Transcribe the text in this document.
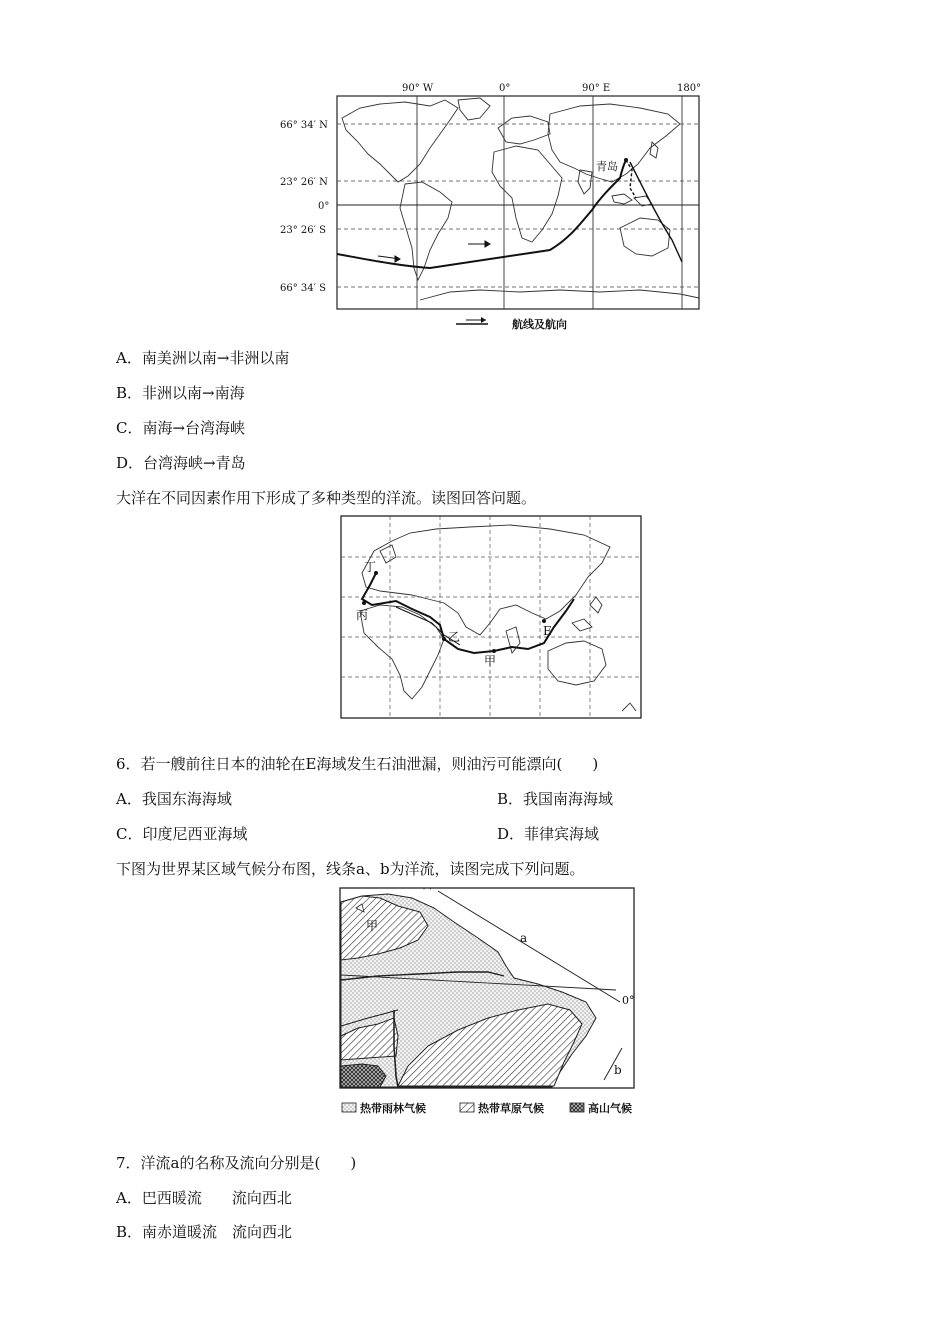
90° W	0°	90° E	180°
66° 34′ N
23° 26′ N
0°
23° 26′ S
66° 34′ S
青岛
航线及航向
A．南美洲以南→非洲以南
B．非洲以南→南海
C．南海→台湾海峡
D．台湾海峡→青岛
大洋在不同因素作用下形成了多种类型的洋流。读图回答问题。
丁
丙
乙
甲
E
6．若一艘前往日本的油轮在E海域发生石油泄漏，则油污可能漂向(　　)
A．我国东海海域	B．我国南海海域
C．印度尼西亚海域	D．菲律宾海域
下图为世界某区域气候分布图，线条a、b为洋流，读图完成下列问题。
˙ ˙
甲
a
0°
b
热带雨林气候	热带草原气候	高山气候
7．洋流a的名称及流向分别是(　　)
A．巴西暖流　　流向西北
B．南赤道暖流　流向西北
